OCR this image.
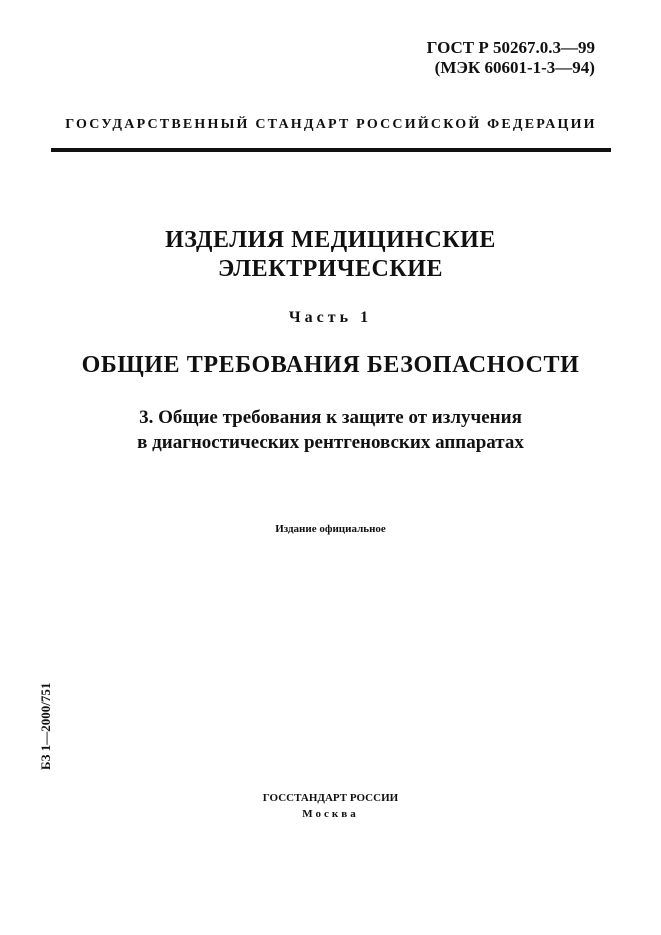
ГОСТ Р 50267.0.3—99
(МЭК 60601-1-3—94)
ГОСУДАРСТВЕННЫЙ СТАНДАРТ РОССИЙСКОЙ ФЕДЕРАЦИИ
ИЗДЕЛИЯ МЕДИЦИНСКИЕ
ЭЛЕКТРИЧЕСКИЕ
Часть 1
ОБЩИЕ ТРЕБОВАНИЯ БЕЗОПАСНОСТИ
3. Общие требования к защите от излучения
в диагностических рентгеновских аппаратах
Издание официальное
БЗ 1—2000/751
ГОССТАНДАРТ РОССИИ
Москва
